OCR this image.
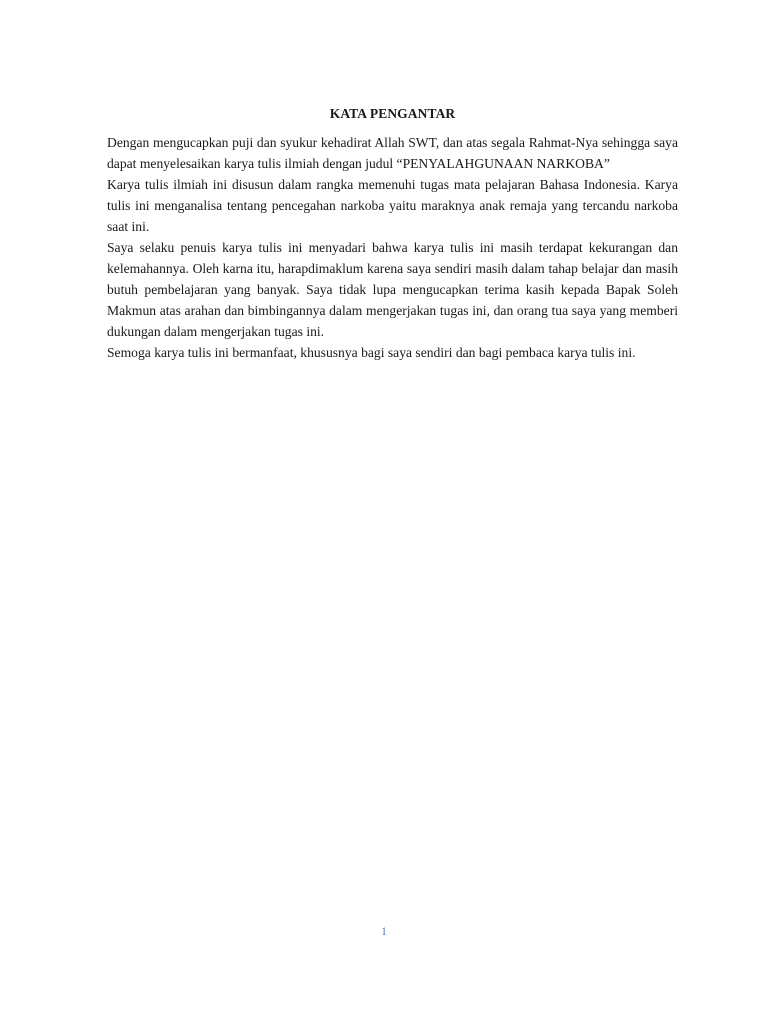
KATA PENGANTAR

Dengan mengucapkan puji dan syukur kehadirat Allah SWT, dan atas segala Rahmat-Nya sehingga saya dapat menyelesaikan karya tulis ilmiah dengan judul “PENYALAHGUNAAN NARKOBA”

Karya tulis ilmiah ini disusun dalam rangka memenuhi tugas mata pelajaran Bahasa Indonesia. Karya tulis ini menganalisa tentang pencegahan narkoba yaitu maraknya anak remaja yang tercandu narkoba saat ini.

Saya selaku penuis karya tulis ini menyadari bahwa karya tulis ini masih terdapat kekurangan dan kelemahannya. Oleh karna itu, harapdimaklum karena saya sendiri masih dalam tahap belajar dan masih butuh pembelajaran yang banyak. Saya tidak lupa mengucapkan terima kasih kepada Bapak Soleh Makmun atas arahan dan bimbingannya dalam mengerjakan tugas ini, dan orang tua saya yang memberi dukungan dalam mengerjakan tugas ini.

Semoga karya tulis ini bermanfaat, khususnya bagi saya sendiri dan bagi pembaca karya tulis ini.

1
